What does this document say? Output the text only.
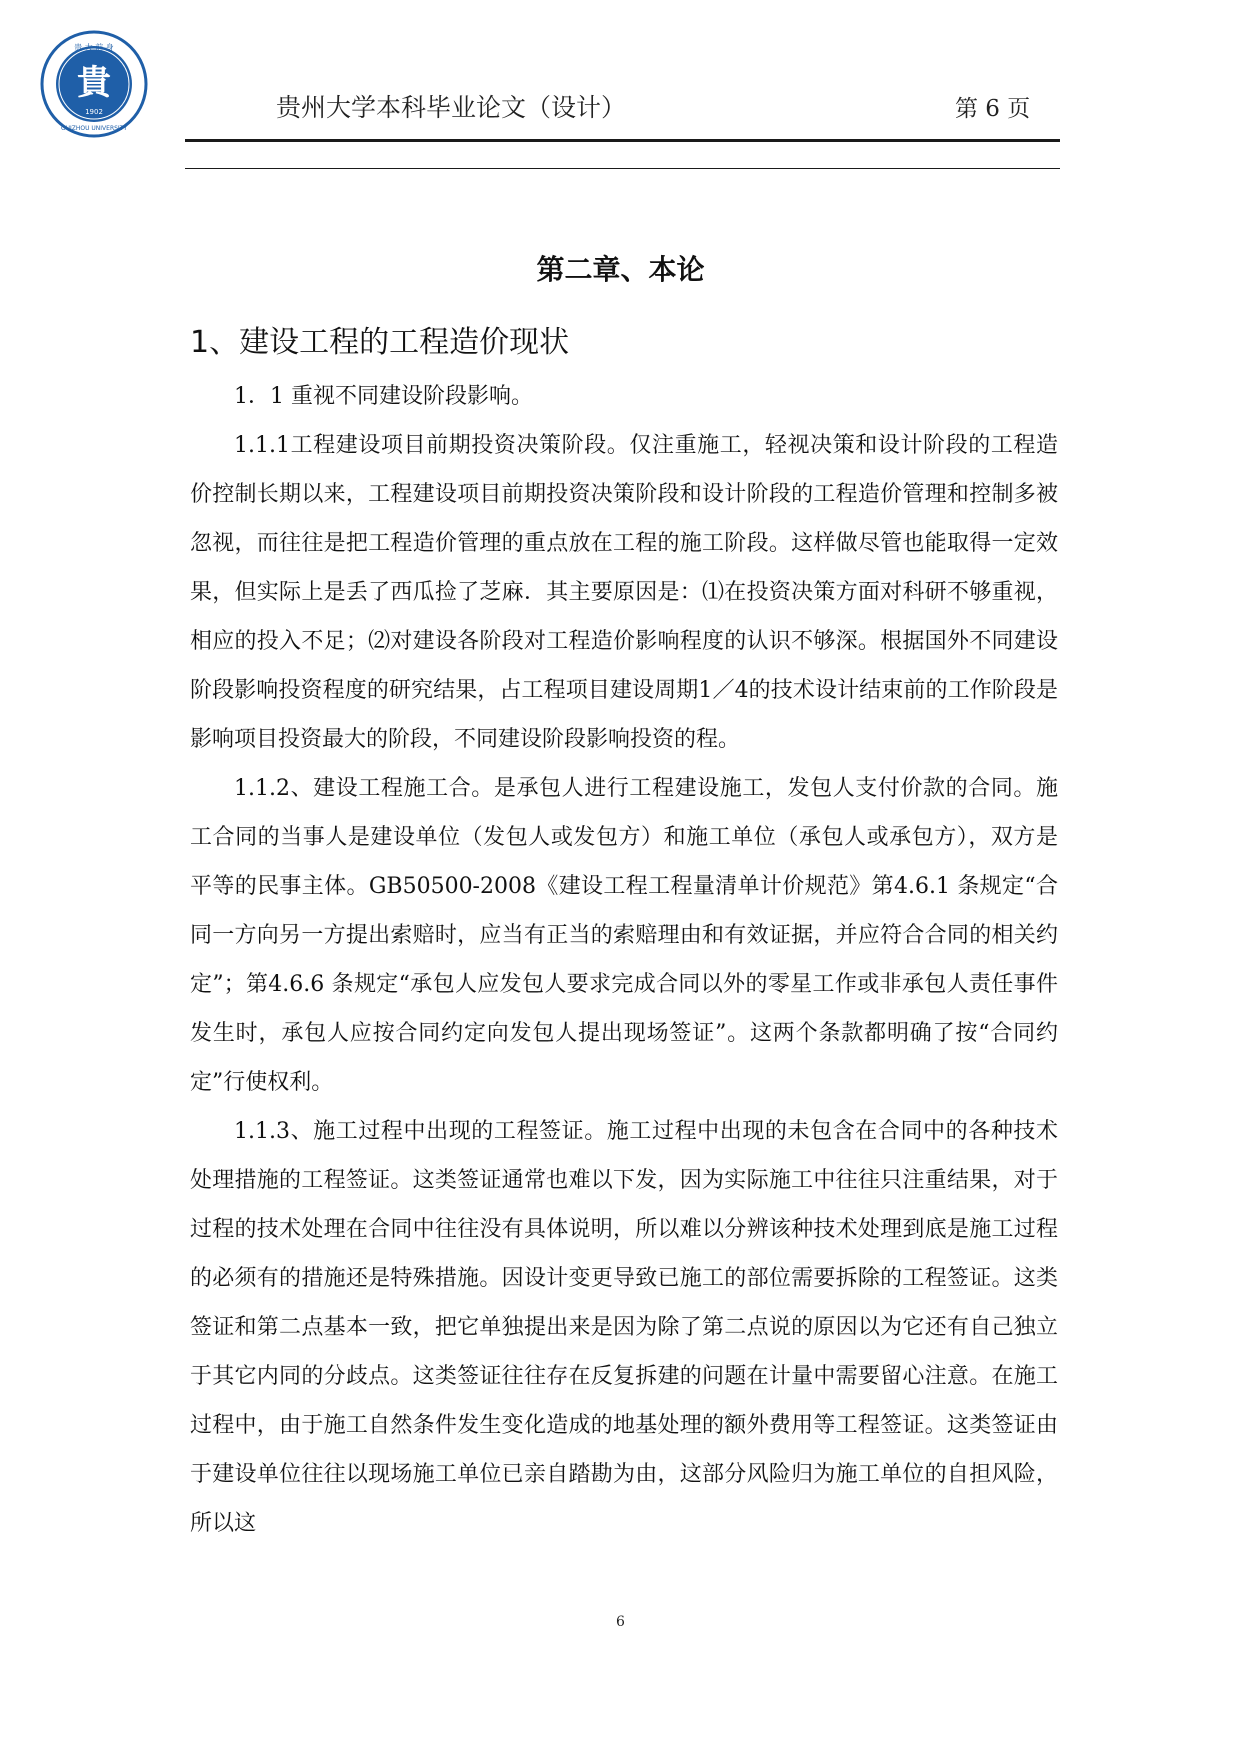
贵 大 前 身
貴
1902
GUIZHOU UNIVERSITY
贵州大学本科毕业论文（设计）	第 6 页
第二章、本论
1、建设工程的工程造价现状

1．1 重视不同建设阶段影响。

1.1.1工程建设项目前期投资决策阶段。仅注重施工，轻视决策和设计阶段的工程造价控制长期以来，工程建设项目前期投资决策阶段和设计阶段的工程造价管理和控制多被忽视，而往往是把工程造价管理的重点放在工程的施工阶段。这样做尽管也能取得一定效果，但实际上是丢了西瓜捡了芝麻．其主要原因是：⑴在投资决策方面对科研不够重视，相应的投入不足；⑵对建设各阶段对工程造价影响程度的认识不够深。根据国外不同建设阶段影响投资程度的研究结果，占工程项目建设周期1／4的技术设计结束前的工作阶段是影响项目投资最大的阶段，不同建设阶段影响投资的程。

1.1.2、建设工程施工合。是承包人进行工程建设施工，发包人支付价款的合同。施工合同的当事人是建设单位（发包人或发包方）和施工单位（承包人或承包方），双方是平等的民事主体。GB50500-2008《建设工程工程量清单计价规范》第4.6.1 条规定“合同一方向另一方提出索赔时，应当有正当的索赔理由和有效证据，并应符合合同的相关约定”；第4.6.6 条规定“承包人应发包人要求完成合同以外的零星工作或非承包人责任事件发生时，承包人应按合同约定向发包人提出现场签证”。这两个条款都明确了按“合同约定”行使权利。

1.1.3、施工过程中出现的工程签证。施工过程中出现的未包含在合同中的各种技术处理措施的工程签证。这类签证通常也难以下发，因为实际施工中往往只注重结果，对于过程的技术处理在合同中往往没有具体说明，所以难以分辨该种技术处理到底是施工过程的必须有的措施还是特殊措施。因设计变更导致已施工的部位需要拆除的工程签证。这类签证和第二点基本一致，把它单独提出来是因为除了第二点说的原因以为它还有自己独立于其它内同的分歧点。这类签证往往存在反复拆建的问题在计量中需要留心注意。在施工过程中，由于施工自然条件发生变化造成的地基处理的额外费用等工程签证。这类签证由于建设单位往往以现场施工单位已亲自踏勘为由，这部分风险归为施工单位的自担风险，所以这

6
